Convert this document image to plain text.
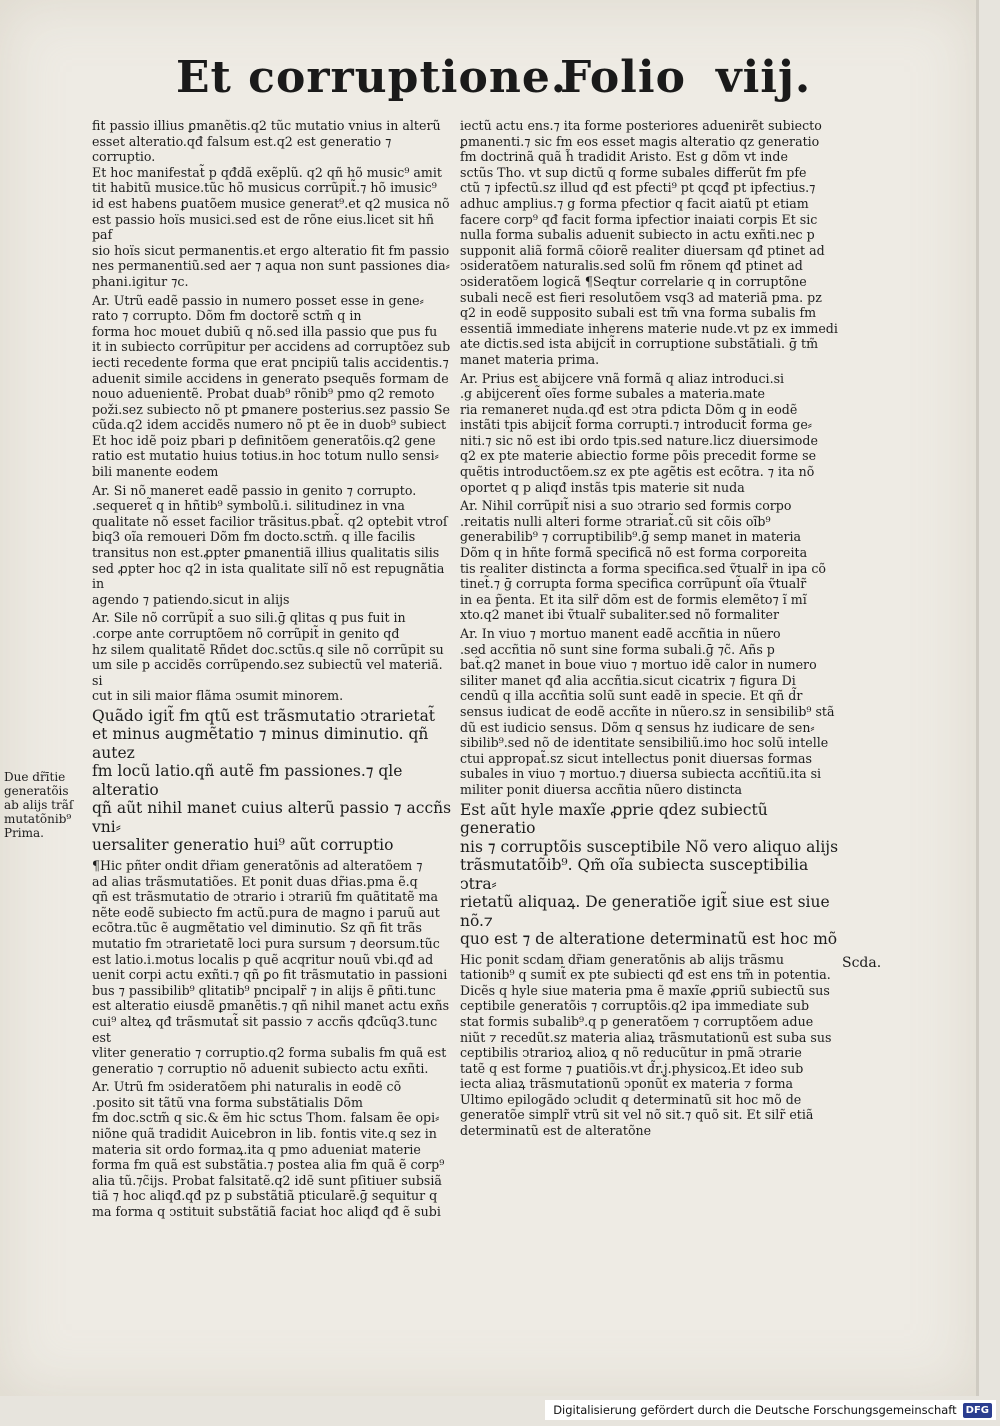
Et corruptione.
Folio viij.

fit passio illius ꝑmanẽtis.q2 tũc mutatio vnius in alterũ
esset alteratio.qđ falsum est.q2 est generatio ⁊ corruptio.
Et hoc manifestat̃ p qđdã exẽplũ. q2 qñ hõ music⁹ amit
tit habitũ musice.tũc hõ musicus corrũpit̃.⁊ hõ imusic⁹
id est habens ꝑuatõem musice generat⁹.et q2 musica nõ
est passio hoïs musici.sed est de rõne eius.licet sit hñ paf
sio hoïs sicut permanentis.et ergo alteratio fit fm passio
nes permanentiũ.sed aer ⁊ aqua non sunt passiones dia⸗
phani.igitur ⁊c.

Ar. Utrũ eadẽ passio in numero posset esse in gene⸗
rato ⁊ corrupto. Dõm fm doctorẽ sctm̃ q in
forma hoc mouet dubiũ q nõ.sed illa passio que pus fu
it in subiecto corrũpitur per accidens ad corruptõez sub
iecti recedente forma que erat pncipiũ talis accidentis.⁊
aduenit simile accidens in generato psequẽs formam de
nouo aduenientẽ. Probat duab⁹ rõnib⁹ pmo q2 remoto
poži.sez subiecto nõ pt ꝑmanere posterius.sez passio Se
cũda.q2 idem accidẽs numero nõ pt ẽe in duob⁹ subiect
Et hoc idẽ poiz pbari p definitõem generatõis.q2 gene
ratio est mutatio huius totius.in hoc totum nullo sensi⸗
bili manente eodem

Ar. Si nõ maneret eadẽ passio in genito ⁊ corrupto.
.sequeret̃ q in hñtib⁹ symbolũ.i. silitudinez in vna
qualitate nõ esset facilior trãsitus.pbat̃. q2 optebit vtroſ
biq3 oĩa remoueri Dõm fm docto.sctm̃. q ille facilis
transitus non est.ꝓpter ꝑmanentiã illius qualitatis silis
sed ꝓpter hoc q2 in ista qualitate silĩ nõ est repugnãtia in
agendo ⁊ patiendo.sicut in alijs

Ar. Sile nõ corrũpit̃ a suo sili.ḡ qlitas q pus fuit in
.corpe ante corruptõem nõ corrũpit̃ in genito qđ
hz silem qualitatẽ Rñdet doc.sctũs.q sile nõ corrũpit su
um sile p accidẽs corrũpendo.sez subiectũ vel materiã. si
cut in sili maior flãma ↄsumit minorem.

Quãdo igit̃ fm qtũ est trãsmutatio ↄtrarietat̃
et minus augmẽtatio ⁊ minus diminutio. qñ autez
fm locũ latio.qñ autẽ fm passiones.⁊ qle alteratio
qñ aũt nihil manet cuius alterũ passio ⁊ accñs vni⸗
uersaliter generatio hui⁹ aũt corruptio

¶Hic pñter ondit dr̃iam generatõnis ad alteratõem ⁊
ad alias trãsmutatiões. Et ponit duas dr̃ias.pma ẽ.q
qñ est trãsmutatio de ↄtrario i ↄtrariũ fm quãtitatẽ ma
nẽte eodẽ subiecto fm actũ.pura de magno i paruũ aut
ecõtra.tũc ẽ augmẽtatio vel diminutio. Sz qñ fit trãs
mutatio fm ↄtrarietatẽ loci pura sursum ⁊ deorsum.tũc
est latio.i.motus localis p quẽ acqritur nouũ vbi.qđ ad
uenit corpi actu exñti.⁊ qñ ꝑo fit trãsmutatio in passioni
bus ⁊ passibilib⁹ qlitatib⁹ pncipalr̃ ⁊ in alijs ẽ ꝑñti.tunc
est alteratio eiusdẽ ꝑmanẽtis.⁊ qñ nihil manet actu exñs
cui⁹ alteꝝ qđ trãsmutat̃ sit passio ⁊ accñs qđcũq3.tunc est
vliter generatio ⁊ corruptio.q2 forma subalis fm quã est
generatio ⁊ corruptio nõ aduenit subiecto actu exñti.

Ar. Utrũ fm ↄsideratõem phi naturalis in eodẽ cõ
.posito sit tãtũ vna forma substãtialis Dõm
fm doc.sctm̃ q sic.& ẽm hic sctus Thom. falsam ẽe opi⸗
niõne quã tradidit Auicebron in lib. fontis vite.q sez in
materia sit ordo formaꝝ.ita q pmo adueniat materie
forma fm quã est substãtia.⁊ postea alia fm quã ẽ corp⁹
alia tũ.⁊c̃ijs. Probat falsitatẽ.q2 idẽ sunt pſitiuer subsiã
tiã ⁊ hoc aliqđ.qđ pz p substãtiã pticularẽ.ḡ sequitur q
ma forma q ↄstituit substãtiã faciat hoc aliqđ qđ ẽ subi

iectũ actu ens.⁊ ita forme posteriores aduenirẽt subiecto
ꝑmanenti.⁊ sic fm eos esset magis alteratio qz generatio
fm doctrinã quã h̃ tradidit Aristo. Est g dõm vt inde
sctũs Tho. vt sup dictũ q forme subales differũt fm pfe
ctũ ⁊ ipfectũ.sz illud qđ est pfecti⁹ pt qcqđ pt ipfectius.⁊
adhuc amplius.⁊ g forma pfectior q facit aiatũ pt etiam
facere corp⁹ qđ facit forma ipfectior inaiati corpis Et sic
nulla forma subalis aduenit subiecto in actu exñti.nec p
supponit aliã formã cõiorẽ realiter diuersam qđ ptinet ad
ↄsideratõem naturalis.sed solũ fm rõnem qđ ptinet ad
ↄsideratõem logicã ¶Seqtur correlarie q in corruptõne
subali necẽ est fieri resolutõem vsq3 ad materiã pma. pz
q2 in eodẽ supposito subali est tm̃ vna forma subalis fm
essentiã immediate inherens materie nude.vt pz ex immedi
ate dictis.sed ista abijcit̃ in corruptione substãtiali. ḡ tm̃
manet materia prima.

Ar. Prius est abijcere vnã formã q aliaz introduci.si
.g abijcerent̃ oĩes forme subales a materia.mate
ria remaneret nuda.qđ est ↄtra pdicta Dõm q in eodẽ
instãti tpis abijcit̃ forma corrupti.⁊ introducit̃ forma ge⸗
niti.⁊ sic nõ est ibi ordo tpis.sed nature.licz diuersimode
q2 ex pte materie abiectio forme põis precedit forme se
quẽtis introductõem.sz ex pte agẽtis est ecõtra. ⁊ ita nõ
oportet q p aliqđ instãs tpis materie sit nuda

Ar. Nihil corrũpit̃ nisi a suo ↄtrario sed formis corpo
.reitatis nulli alteri forme ↄtrariat̃.cũ sit cõis oĩb⁹
generabilib⁹ ⁊ corruptibilib⁹.ḡ semp manet in materia
Dõm q in hñte formã specificã nõ est forma corporeita
tis realiter distincta a forma specifica.sed ṽtualr̃ in ipa cõ
tinet̃.⁊ ḡ corrupta forma specifica corrũpunt̃ oĩa ṽtualr̃
in ea p̃enta. Et ita silr̃ dõm est de formis elemẽto⁊ ĩ mĩ
xto.q2 manet ibi ṽtualr̃ subaliter.sed nõ formaliter

Ar. In viuo ⁊ mortuo manent eadẽ accñtia in nũero
.sed accñtia nõ sunt sine forma subali.ḡ ⁊c̃. Añs p
bat̃.q2 manet in boue viuo ⁊ mortuo idẽ calor in numero
siliter manet qđ alia accñtia.sicut cicatrix ⁊ figura Di
cendũ q illa accñtia solũ sunt eadẽ in specie. Et qñ d̃r
sensus iudicat de eodẽ accñte in nũero.sz in sensibilib⁹ stã
dũ est iudicio sensus. Dõm q sensus hz iudicare de sen⸗
sibilib⁹.sed nõ de identitate sensibiliũ.imo hoc solũ intelle
ctui appropat̃.sz sicut intellectus ponit diuersas formas
subales in viuo ⁊ mortuo.⁊ diuersa subiecta accñtiũ.ita si
militer ponit diuersa accñtia nũero distincta

Est aũt hyle maxĩe ꝓprie qdez subiectũ generatio
nis ⁊ corruptõis susceptibile Nõ vero aliquo alijs
trãsmutatõib⁹. Qm̃ oĩa subiecta susceptibilia ↄtra⸗
rietatũ aliquaꝝ. De generatiõe igit̃ siue est siue nõ.⁊
quo est ⁊ de alteratione determinatũ est hoc mõ

Hic ponit scdam dr̃iam generatõnis ab alijs trãsmu
tationib⁹ q sumit̃ ex pte subiecti qđ est ens tm̃ in potentia.
Dicẽs q hyle siue materia pma ẽ maxĩe ꝓpriũ subiectũ sus
ceptibile generatõis ⁊ corruptõis.q2 ipa immediate sub
stat formis subalib⁹.q p generatõem ⁊ corruptõem adue
niũt ⁊ recedũt.sz materia aliaꝝ trãsmutationũ est suba sus
ceptibilis ↄtrarioꝝ alioꝝ q nõ reducũtur in pmã ↄtrarie
tatẽ q est forme ⁊ ꝑuatiõis.vt d̃r.j.physicoꝝ.Et ideo sub
iecta aliaꝝ trãsmutationũ ↄponũt̃ ex materia ⁊ forma
Ultimo epilogãdo ↄcludit q determinatũ sit hoc mõ de
generatõe simplr̃ vtrũ sit vel nõ sit.⁊ quõ sit. Et silr̃ etiã
determinatũ est de alteratõne

Due dr̃ītie
generatõis
ab alijs trãſ
mutatõnib⁹
Prima.
Scda.
Digitalisierung gefördert durch die Deutsche Forschungsgemeinschaft DFG
